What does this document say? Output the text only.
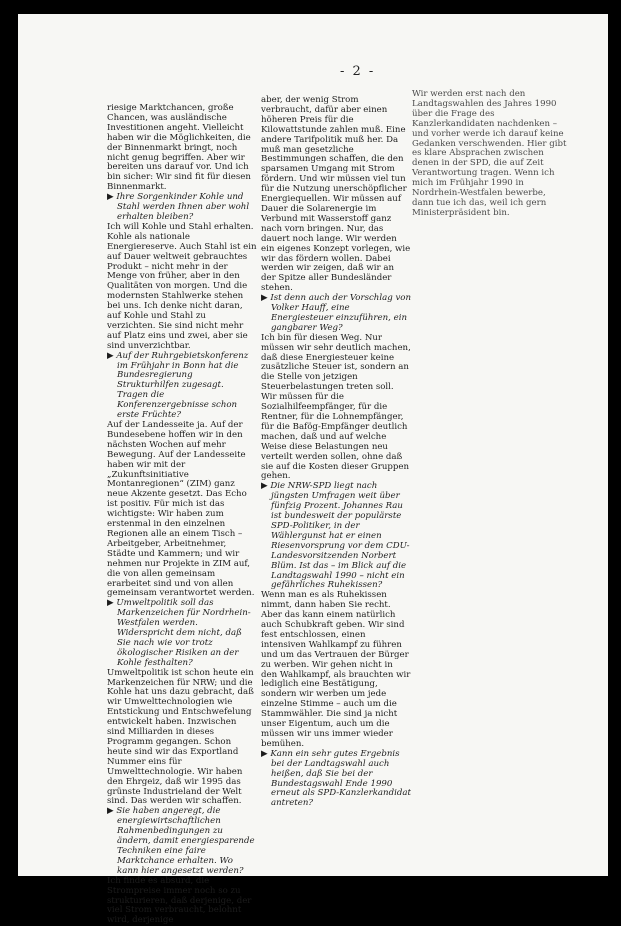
- 2 -

riesige Marktchancen, große Chancen, was ausländische Investitionen angeht. Vielleicht haben wir die Möglichkeiten, die der Binnenmarkt bringt, noch nicht genug begriffen. Aber wir bereiten uns darauf vor. Und ich bin sicher: Wir sind fit für diesen Binnenmarkt.

▶ Ihre Sorgenkinder Kohle und Stahl werden Ihnen aber wohl erhalten bleiben?

Ich will Kohle und Stahl erhalten. Kohle als nationale Energiereserve. Auch Stahl ist ein auf Dauer weltweit gebrauchtes Produkt – nicht mehr in der Menge von früher, aber in den Qualitäten von morgen. Und die modernsten Stahlwerke stehen bei uns. Ich denke nicht daran, auf Kohle und Stahl zu verzichten. Sie sind nicht mehr auf Platz eins und zwei, aber sie sind unverzichtbar.

▶ Auf der Ruhrgebietskonferenz im Frühjahr in Bonn hat die Bundesregierung Strukturhilfen zugesagt. Tragen die Konferenzergebnisse schon erste Früchte?

Auf der Landesseite ja. Auf der Bundesebene hoffen wir in den nächsten Wochen auf mehr Bewegung. Auf der Landesseite haben wir mit der „Zukunftsinitiative Montanregionen“ (ZIM) ganz neue Akzente gesetzt. Das Echo ist positiv. Für mich ist das wichtigste: Wir haben zum erstenmal in den einzelnen Regionen alle an einem Tisch – Arbeitgeber, Arbeitnehmer, Städte und Kammern; und wir nehmen nur Projekte in ZIM auf, die von allen gemeinsam erarbeitet sind und von allen gemeinsam verantwortet werden.

▶ Umweltpolitik soll das Markenzeichen für Nordrhein-Westfalen werden. Widerspricht dem nicht, daß Sie nach wie vor trotz ökologischer Risiken an der Kohle festhalten?

Umweltpolitik ist schon heute ein Markenzeichen für NRW; und die Kohle hat uns dazu gebracht, daß wir Umwelttechnologien wie Entstickung und Entschwefelung entwickelt haben. Inzwischen sind Milliarden in dieses Programm gegangen. Schon heute sind wir das Exportland Nummer eins für Umwelttechnologie. Wir haben den Ehrgeiz, daß wir 1995 das grünste Industrieland der Welt sind. Das werden wir schaffen.

▶ Sie haben angeregt, die energiewirtschaftlichen Rahmenbedingungen zu ändern, damit energiesparende Techniken eine faire Marktchance erhalten. Wo kann hier angesetzt werden?

Ich finde es absurd, die Strompreise immer noch so zu strukturieren, daß derjenige, der viel Strom verbraucht, belohnt wird, derjenige

aber, der wenig Strom verbraucht, dafür aber einen höheren Preis für die Kilowattstunde zahlen muß. Eine andere Tarifpolitik muß her. Da muß man gesetzliche Bestimmungen schaffen, die den sparsamen Umgang mit Strom fördern. Und wir müssen viel tun für die Nutzung unerschöpflicher Energiequellen. Wir müssen auf Dauer die Solarenergie im Verbund mit Wasserstoff ganz nach vorn bringen. Nur, das dauert noch lange. Wir werden ein eigenes Konzept vorlegen, wie wir das fördern wollen. Dabei werden wir zeigen, daß wir an der Spitze aller Bundesländer stehen.

▶ Ist denn auch der Vorschlag von Volker Hauff, eine Energiesteuer einzuführen, ein gangbarer Weg?

Ich bin für diesen Weg. Nur müssen wir sehr deutlich machen, daß diese Energiesteuer keine zusätzliche Steuer ist, sondern an die Stelle von jetzigen Steuerbelastungen treten soll. Wir müssen für die Sozialhilfeempfänger, für die Rentner, für die Lohnempfänger, für die Bafög-Empfänger deutlich machen, daß und auf welche Weise diese Belastungen neu verteilt werden sollen, ohne daß sie auf die Kosten dieser Gruppen gehen.

▶ Die NRW-SPD liegt nach jüngsten Umfragen weit über fünfzig Prozent. Johannes Rau ist bundesweit der populärste SPD-Politiker, in der Wählergunst hat er einen Riesenvorsprung vor dem CDU-Landesvorsitzenden Norbert Blüm. Ist das – im Blick auf die Landtagswahl 1990 – nicht ein gefährliches Ruhekissen?

Wenn man es als Ruhekissen nimmt, dann haben Sie recht. Aber das kann einem natürlich auch Schubkraft geben. Wir sind fest entschlossen, einen intensiven Wahlkampf zu führen und um das Vertrauen der Bürger zu werben. Wir gehen nicht in den Wahlkampf, als brauchten wir lediglich eine Bestätigung, sondern wir werben um jede einzelne Stimme – auch um die Stammwähler. Die sind ja nicht unser Eigentum, auch um die müssen wir uns immer wieder bemühen.

▶ Kann ein sehr gutes Ergebnis bei der Landtagswahl auch heißen, daß Sie bei der Bundestagswahl Ende 1990 erneut als SPD-Kanzlerkandidat antreten?

Wir werden erst nach den Landtagswahlen des Jahres 1990 über die Frage des Kanzlerkandidaten nachdenken – und vorher werde ich darauf keine Gedanken verschwenden. Hier gibt es klare Absprachen zwischen denen in der SPD, die auf Zeit Verantwortung tragen. Wenn ich mich im Frühjahr 1990 in Nordrhein-Westfalen bewerbe, dann tue ich das, weil ich gern Ministerpräsident bin.
